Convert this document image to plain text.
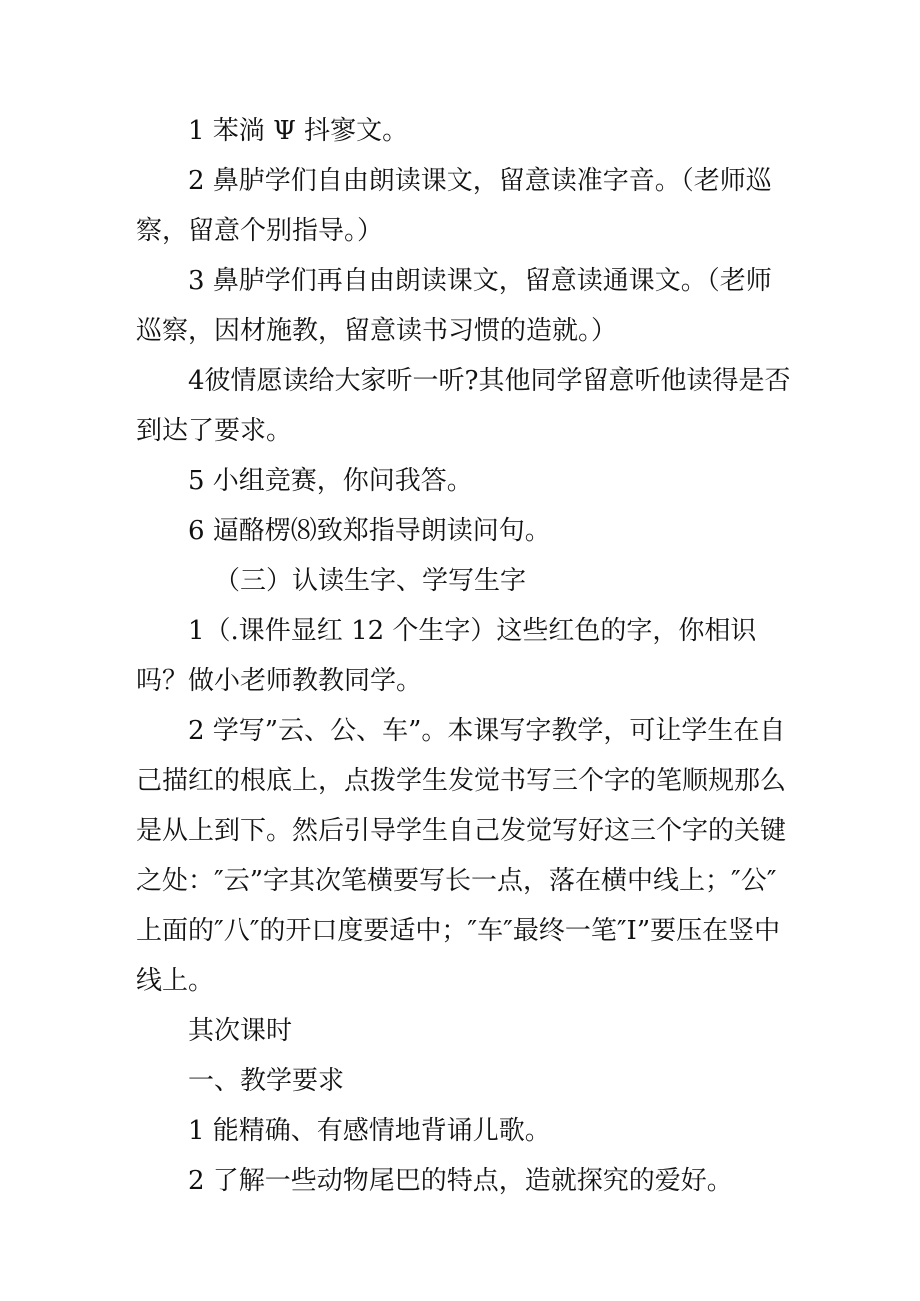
1 苯淌 Ψ 抖寥文。

2 鼻胪学们自由朗读课文，留意读准字音。（老师巡察，留意个别指导。）

3 鼻胪学们再自由朗读课文，留意读通课文。（老师巡察，因材施教，留意读书习惯的造就。）

4彼情愿读给大家听一听?其他同学留意听他读得是否到达了要求。

5 小组竞赛，你问我答。

6 逼酪楞⑻致郑指导朗读问句。

（三）认读生字、学写生字

1（.课件显红 12 个生字）这些红色的字，你相识吗？做小老师教教同学。

2 学写”云、公、车”。本课写字教学，可让学生在自己描红的根底上，点拨学生发觉书写三个字的笔顺规那么是从上到下。然后引导学生自己发觉写好这三个字的关键之处：″云”字其次笔横要写长一点，落在横中线上；″公″上面的″八″的开口度要适中；″车″最终一笔″I”要压在竖中线上。

其次课时

一、教学要求

1 能精确、有感情地背诵儿歌。

2 了解一些动物尾巴的特点，造就探究的爱好。
